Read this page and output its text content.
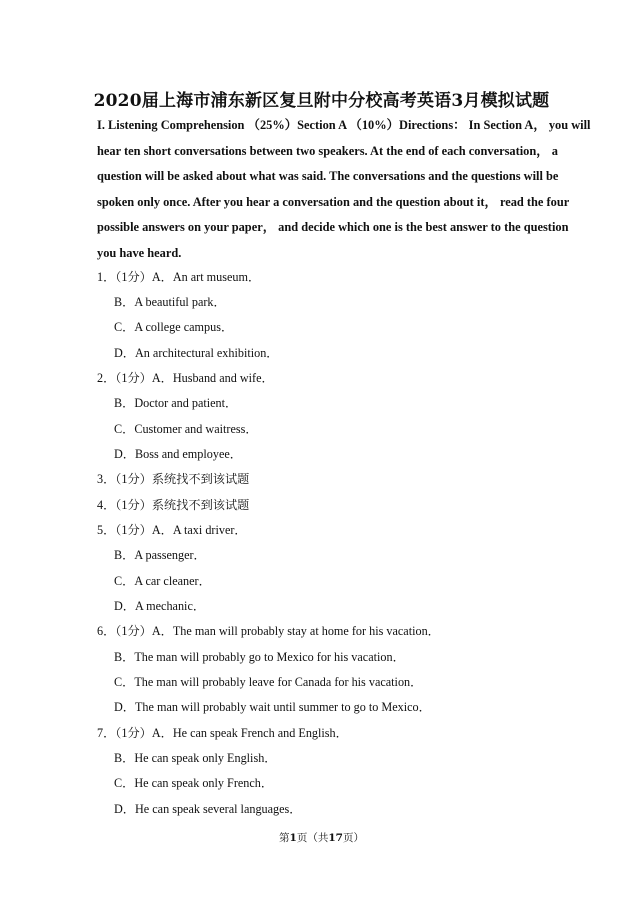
2020届上海市浦东新区复旦附中分校高考英语3月模拟试题
I. Listening Comprehension （25%）Section A （10%）Directions： In Section A， you will
hear ten short conversations between two speakers. At the end of each conversation， a
question will be asked about what was said. The conversations and the questions will be
spoken only once. After you hear a conversation and the question about it， read the four
possible answers on your paper， and decide which one is the best answer to the question
you have heard.
1．（1分）A．An art museum．
B．A beautiful park．
C．A college campus．
D．An architectural exhibition．
2．（1分）A．Husband and wife．
B．Doctor and patient．
C．Customer and waitress．
D．Boss and employee．
3．（1分）系统找不到该试题
4．（1分）系统找不到该试题
5．（1分）A．A taxi driver．
B．A passenger．
C．A car cleaner．
D．A mechanic．
6．（1分）A．The man will probably stay at home for his vacation．
B．The man will probably go to Mexico for his vacation．
C．The man will probably leave for Canada for his vacation．
D．The man will probably wait until summer to go to Mexico．
7．（1分）A．He can speak French and English．
B．He can speak only English．
C．He can speak only French．
D．He can speak several languages．
第1页（共17页）
